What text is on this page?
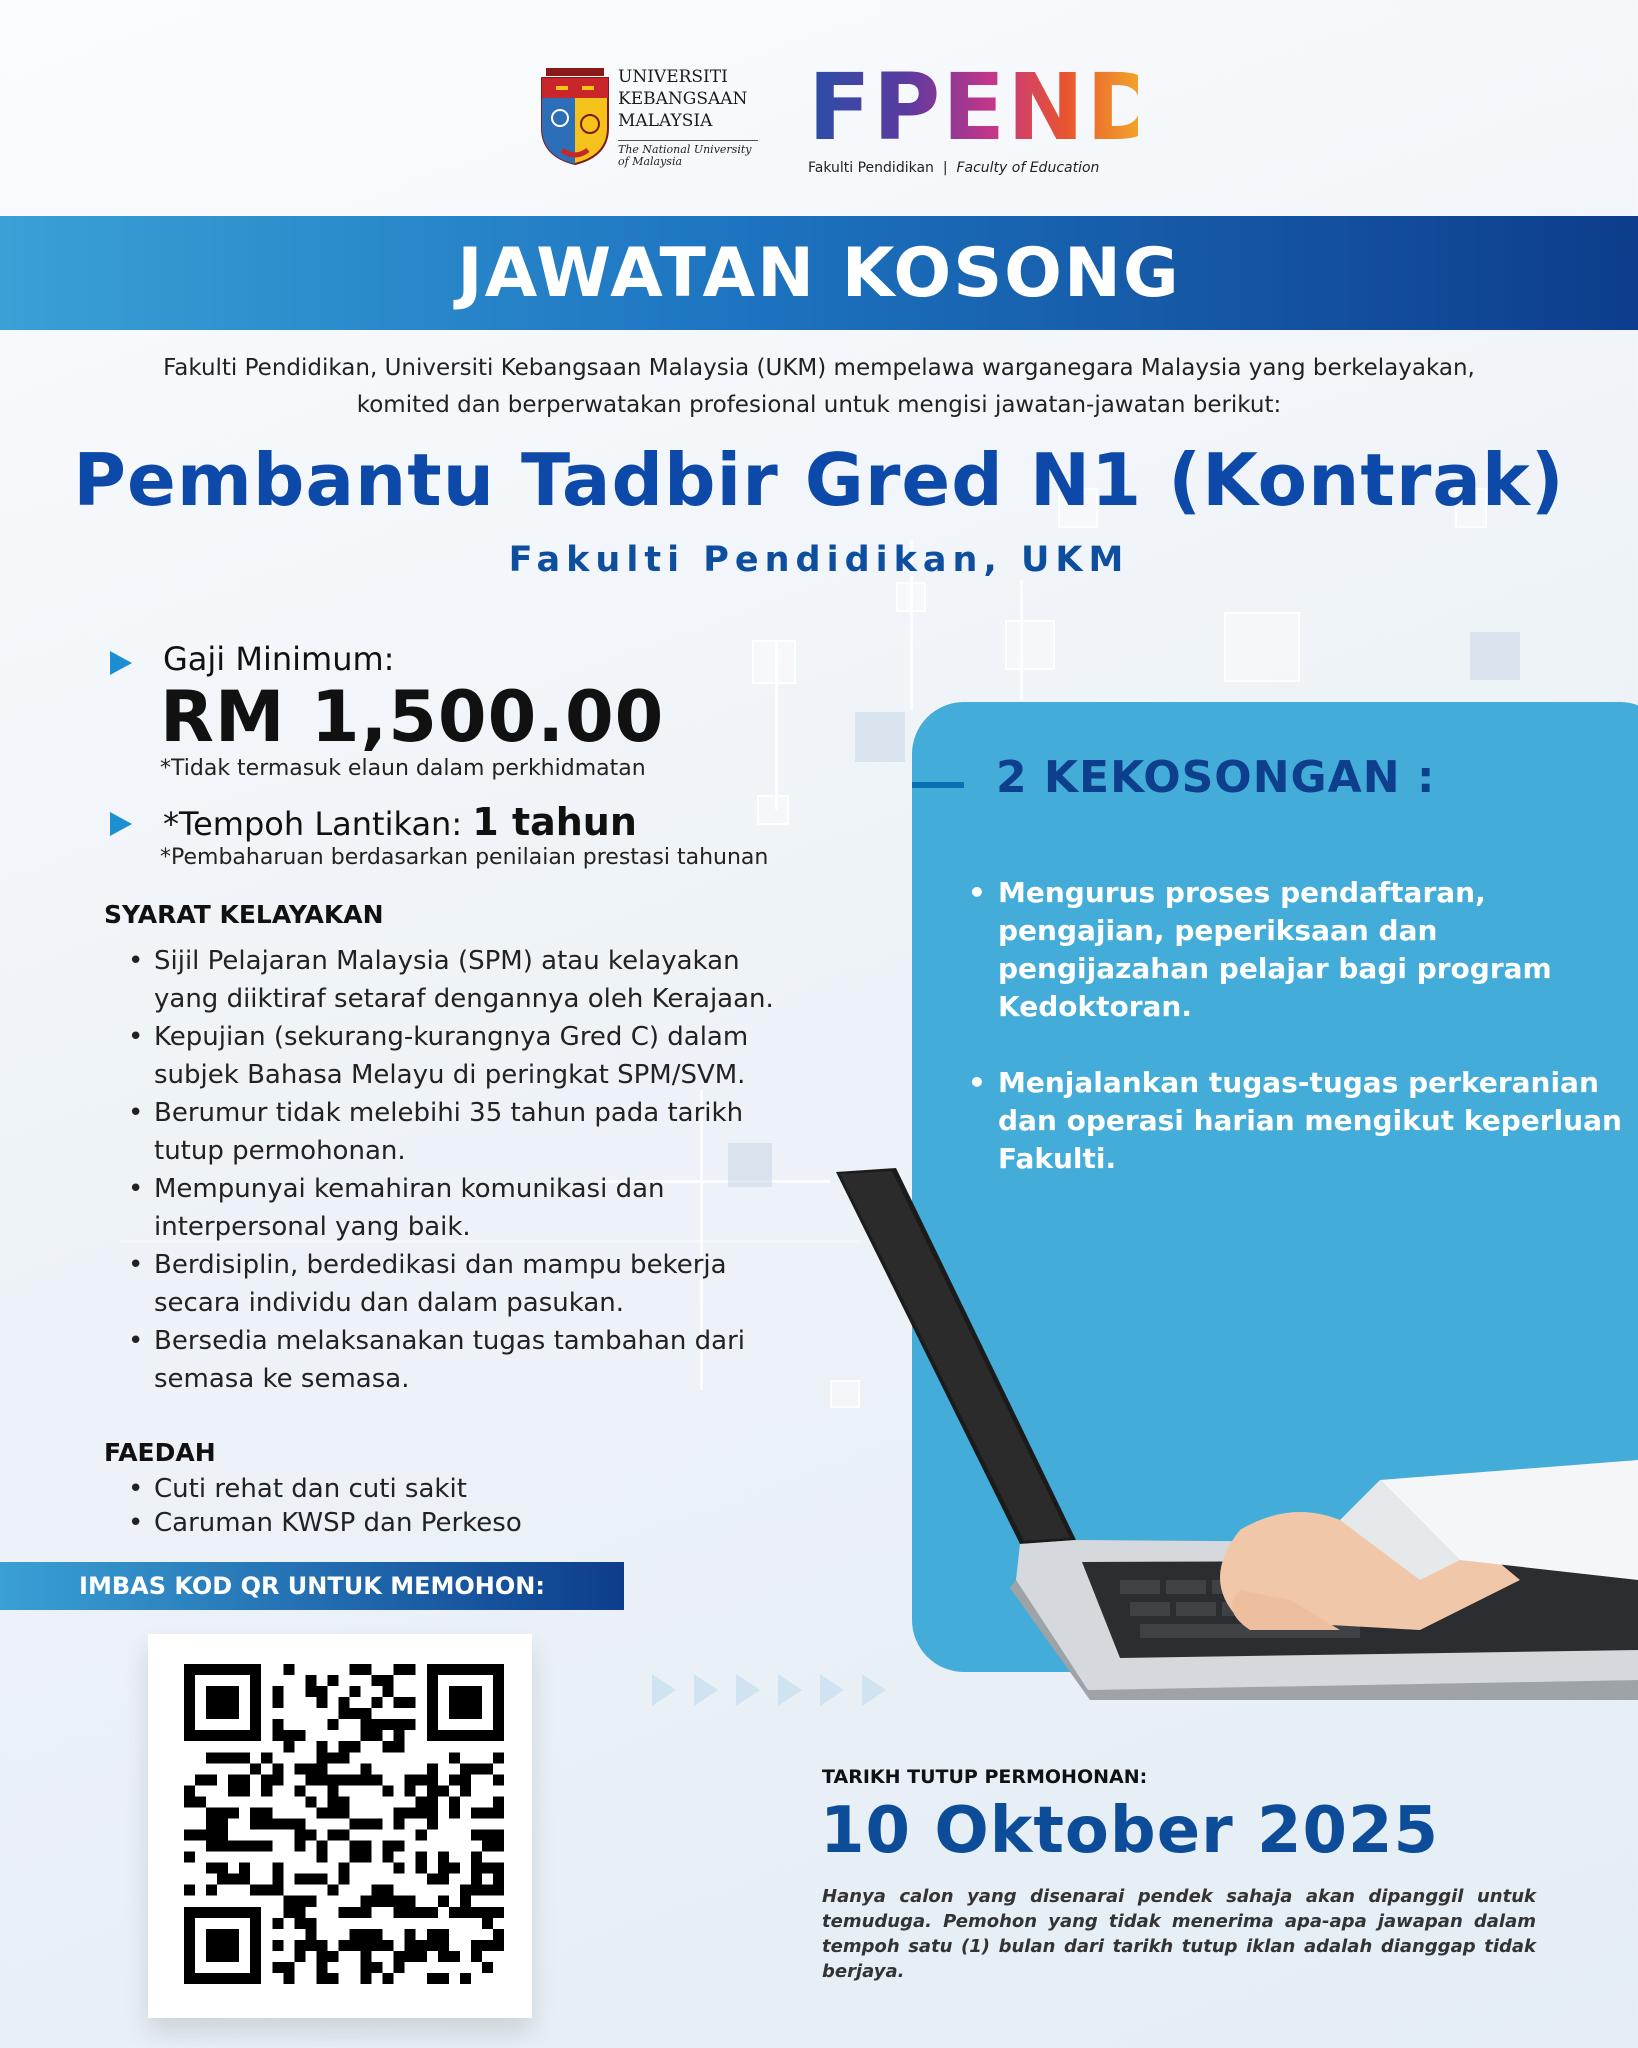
UNIVERSITI
KEBANGSAAN
MALAYSIA
The National University
of Malaysia
FPEND
Fakulti Pendidikan | Faculty of Education
JAWATAN KOSONG
Fakulti Pendidikan, Universiti Kebangsaan Malaysia (UKM) mempelawa warganegara Malaysia yang berkelayakan,
komited dan berperwatakan profesional untuk mengisi jawatan-jawatan berikut:
Pembantu Tadbir Gred N1 (Kontrak)
Fakulti Pendidikan, UKM
Gaji Minimum:
RM 1,500.00
*Tidak termasuk elaun dalam perkhidmatan
*Tempoh Lantikan: 1 tahun
*Pembaharuan berdasarkan penilaian prestasi tahunan
SYARAT KELAYAKAN
• Sijil Pelajaran Malaysia (SPM) atau kelayakan yang diiktiraf setaraf dengannya oleh Kerajaan.
• Kepujian (sekurang-kurangnya Gred C) dalam subjek Bahasa Melayu di peringkat SPM/SVM.
• Berumur tidak melebihi 35 tahun pada tarikh tutup permohonan.
• Mempunyai kemahiran komunikasi dan interpersonal yang baik.
• Berdisiplin, berdedikasi dan mampu bekerja secara individu dan dalam pasukan.
• Bersedia melaksanakan tugas tambahan dari semasa ke semasa.
FAEDAH
• Cuti rehat dan cuti sakit
• Caruman KWSP dan Perkeso
IMBAS KOD QR UNTUK MEMOHON:
2 KEKOSONGAN :
• Mengurus proses pendaftaran, pengajian, peperiksaan dan pengijazahan pelajar bagi program Kedoktoran.
• Menjalankan tugas-tugas perkeranian dan operasi harian mengikut keperluan Fakulti.
TARIKH TUTUP PERMOHONAN:
10 Oktober 2025
Hanya calon yang disenarai pendek sahaja akan dipanggil untuk temuduga. Pemohon yang tidak menerima apa-apa jawapan dalam tempoh satu (1) bulan dari tarikh tutup iklan adalah dianggap tidak berjaya.
